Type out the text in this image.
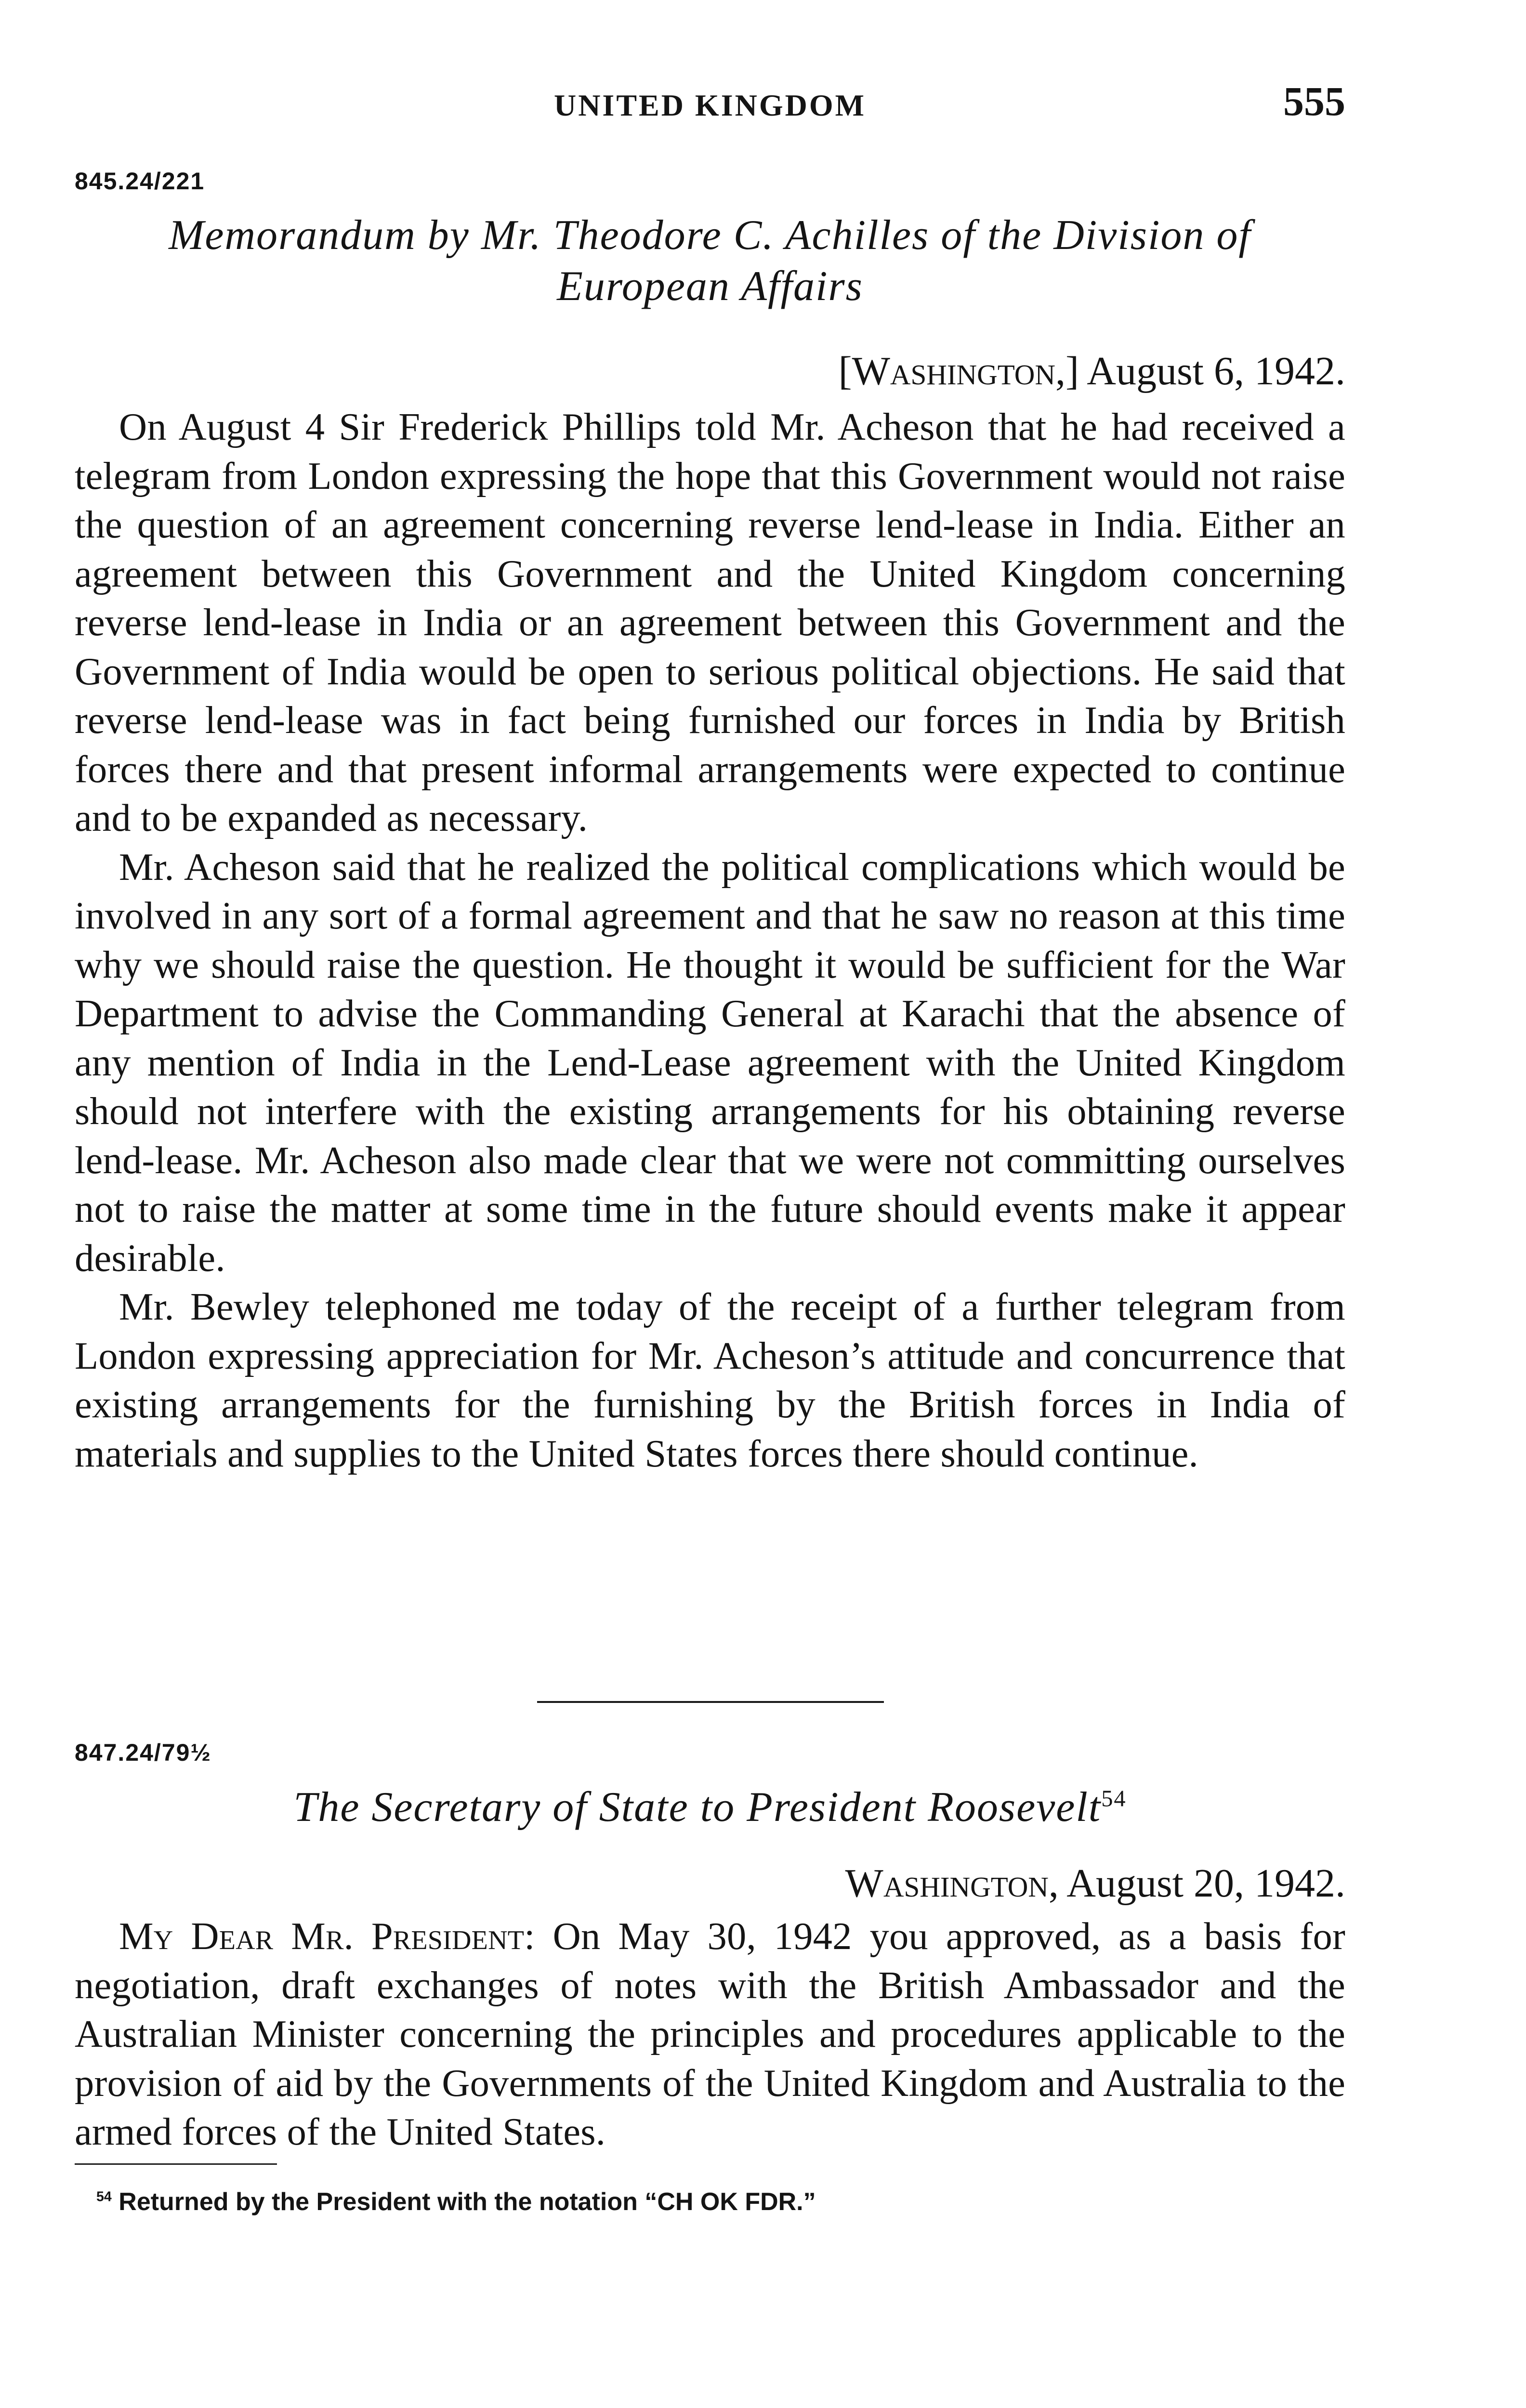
UNITED KINGDOM	555
845.24/221
Memorandum by Mr. Theodore C. Achilles of the Division of
European Affairs
[Washington,] August 6, 1942.

On August 4 Sir Frederick Phillips told Mr. Acheson that he had received a telegram from London expressing the hope that this Government would not raise the question of an agreement concerning reverse lend-lease in India. Either an agreement between this Government and the United Kingdom concerning reverse lend-lease in India or an agreement between this Government and the Government of India would be open to serious political objections. He said that reverse lend-lease was in fact being furnished our forces in India by British forces there and that present informal arrangements were expected to continue and to be expanded as necessary.

Mr. Acheson said that he realized the political complications which would be involved in any sort of a formal agreement and that he saw no reason at this time why we should raise the question. He thought it would be sufficient for the War Department to advise the Commanding General at Karachi that the absence of any mention of India in the Lend-Lease agreement with the United Kingdom should not interfere with the existing arrangements for his obtaining reverse lend-lease. Mr. Acheson also made clear that we were not committing ourselves not to raise the matter at some time in the future should events make it appear desirable.

Mr. Bewley telephoned me today of the receipt of a further telegram from London expressing appreciation for Mr. Acheson’s attitude and concurrence that existing arrangements for the furnishing by the British forces in India of materials and supplies to the United States forces there should continue.

847.24/79½
The Secretary of State to President Roosevelt$^{54}$
Washington, August 20, 1942.

My Dear Mr. President: On May 30, 1942 you approved, as a basis for negotiation, draft exchanges of notes with the British Ambassador and the Australian Minister concerning the principles and procedures applicable to the provision of aid by the Governments of the United Kingdom and Australia to the armed forces of the United States.

$^{54}$ Returned by the President with the notation “CH OK FDR.”
